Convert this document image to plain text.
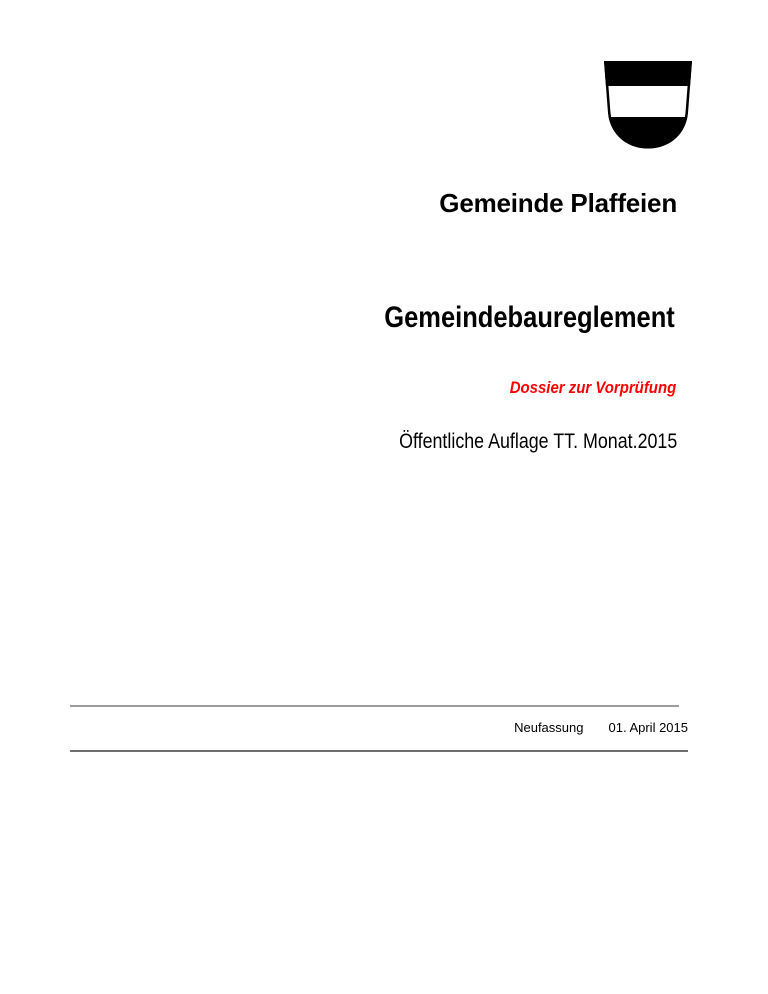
Gemeinde Plaffeien
Gemeindebaureglement
Dossier zur Vorprüfung
Öffentliche Auflage TT. Monat.2015
Neufassung 01. April 2015
